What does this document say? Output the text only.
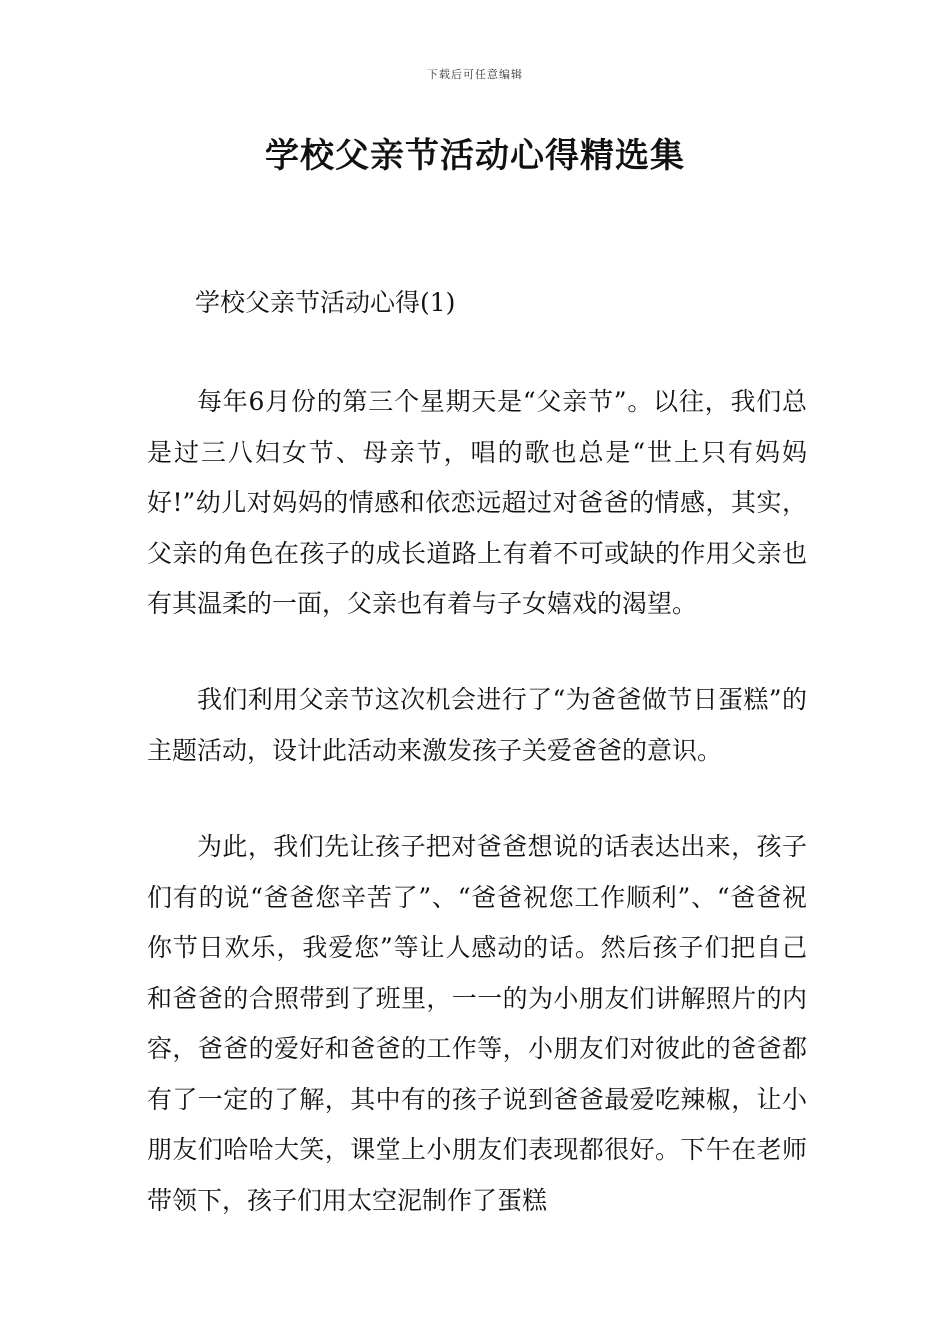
下载后可任意编辑
学校父亲节活动心得精选集
学校父亲节活动心得(1)

每年6月份的第三个星期天是“父亲节”。以往，我们总是过三八妇女节、母亲节，唱的歌也总是“世上只有妈妈好!”幼儿对妈妈的情感和依恋远超过对爸爸的情感，其实，父亲的角色在孩子的成长道路上有着不可或缺的作用父亲也有其温柔的一面，父亲也有着与子女嬉戏的渴望。

我们利用父亲节这次机会进行了“为爸爸做节日蛋糕”的主题活动，设计此活动来激发孩子关爱爸爸的意识。

为此，我们先让孩子把对爸爸想说的话表达出来，孩子们有的说“爸爸您辛苦了”、“爸爸祝您工作顺利”、“爸爸祝你节日欢乐，我爱您”等让人感动的话。然后孩子们把自己和爸爸的合照带到了班里，一一的为小朋友们讲解照片的内容，爸爸的爱好和爸爸的工作等，小朋友们对彼此的爸爸都有了一定的了解，其中有的孩子说到爸爸最爱吃辣椒，让小朋友们哈哈大笑，课堂上小朋友们表现都很好。下午在老师带领下，孩子们用太空泥制作了蛋糕
